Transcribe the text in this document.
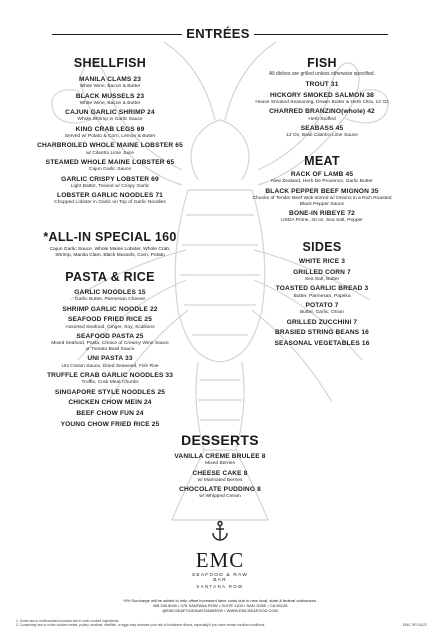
ENTRÉES
SHELLFISH
MANILA CLAMS 23
White Wine, Bacon & Butter
BLACK MUSSELS 23
White Wine, Bacon & Butter
CAJUN GARLIC SHRIMP 24
Whole Shrimp in Garlic Sauce
KING CRAB LEGS 69
Served w/ Potato & Corn, Lemon & Butter
CHARBROILED WHOLE MAINE LOBSTER 65
w/ Cilantro Lime Juice
STEAMED WHOLE MAINE LOBSTER 65
Cajun Garlic Sauce
GARLIC CRISPY LOBSTER 69
Light Batter, Tossed w/ Crispy Garlic
LOBSTER GARLIC NOODLES 71
Chopped Lobster in Garlic on Top of Garlic Noodles
*ALL-IN SPECIAL 160
Cajun Garlic Sauce, Whole Maine Lobster, Whole Crab, Shrimp, Manila Clam, Black Mussels, Corn, Potato
PASTA & RICE
GARLIC NOODLES 15
Garlic Butter, Parmesan Cheese
SHRIMP GARLIC NOODLE 22
SEAFOOD FRIED RICE 25
Assorted Seafood, Ginger, Soy, Scallions
SEAFOOD PASTA 25
Mixed Seafood, Pasta, Choice of Creamy Wine Sauce or Tomato Basil Sauce
UNI PASTA 33
Uni Cream Sauce, Dried Seaweed, Fish Roe
TRUFFLE CRAB GARLIC NOODLES 33
Truffle, Crab Meat Chunks
SINGAPORE STYLE NOODLES 25
CHICKEN CHOW MEIN 24
BEEF CHOW FUN 24
YOUNG CHOW FRIED RICE 25
FISH
All dishes are grilled unless otherwise specified.
TROUT 31
HICKORY SMOKED SALMON 38
House Smoked Seasoning, Drawn Butter & Herb Citra, 12 Oz
CHARRED BRANZINO(whole) 42
Herb Stuffed
SEABASS 45
12 Oz, Basil Cilantro Lime Sauce
MEAT
RACK OF LAMB 45
New Zealand, Herb De Provence, Garlic Butter
BLACK PEPPER BEEF MIGNON 35
Chunks of Tender Beef Wok-stirred w/ Onions in a Rich Roasted Black Pepper Sauce
BONE-IN RIBEYE 72
USDA Prime, 20 oz, Sea Salt, Pepper
SIDES
WHITE RICE 3
GRILLED CORN 7
Sea Salt, Butter
TOASTED GARLIC BREAD 3
Butter, Parmesan, Paprika
POTATO 7
Butter, Garlic, Onion
GRILLED ZUCCHINI 7
BRASIED STRING BEANS 16
SEASONAL VEGETABLES 16
DESSERTS
VANILLA CREME BRULEE 8
Mixed Berries
CHEESE CAKE 8
w/ Marinated Berries
CHOCOLATE PUDDING 8
w/ Whipped Cream
EMC
SEAFOOD & RAW BAR
SANTANA ROW
*4% Surcharge will be added to help offset increased labor costs due to new local, state & federal ordinances.
408.290.8040 • 378 SANTANA ROW • SUITE 1100 • SAN JOSE • CA 95128
@EMCSEAFOODSANTANAROW • WWW.EMCSEAFOOD.COM
1. Some raw or undercooked products are in order cooked ingredients.
2. Consuming raw or under cooked meats, poultry, seafood, shellfish, or eggs may increase your risk of foodborne illness, especially if you have certain medical conditions.	EMC SR 04/22
